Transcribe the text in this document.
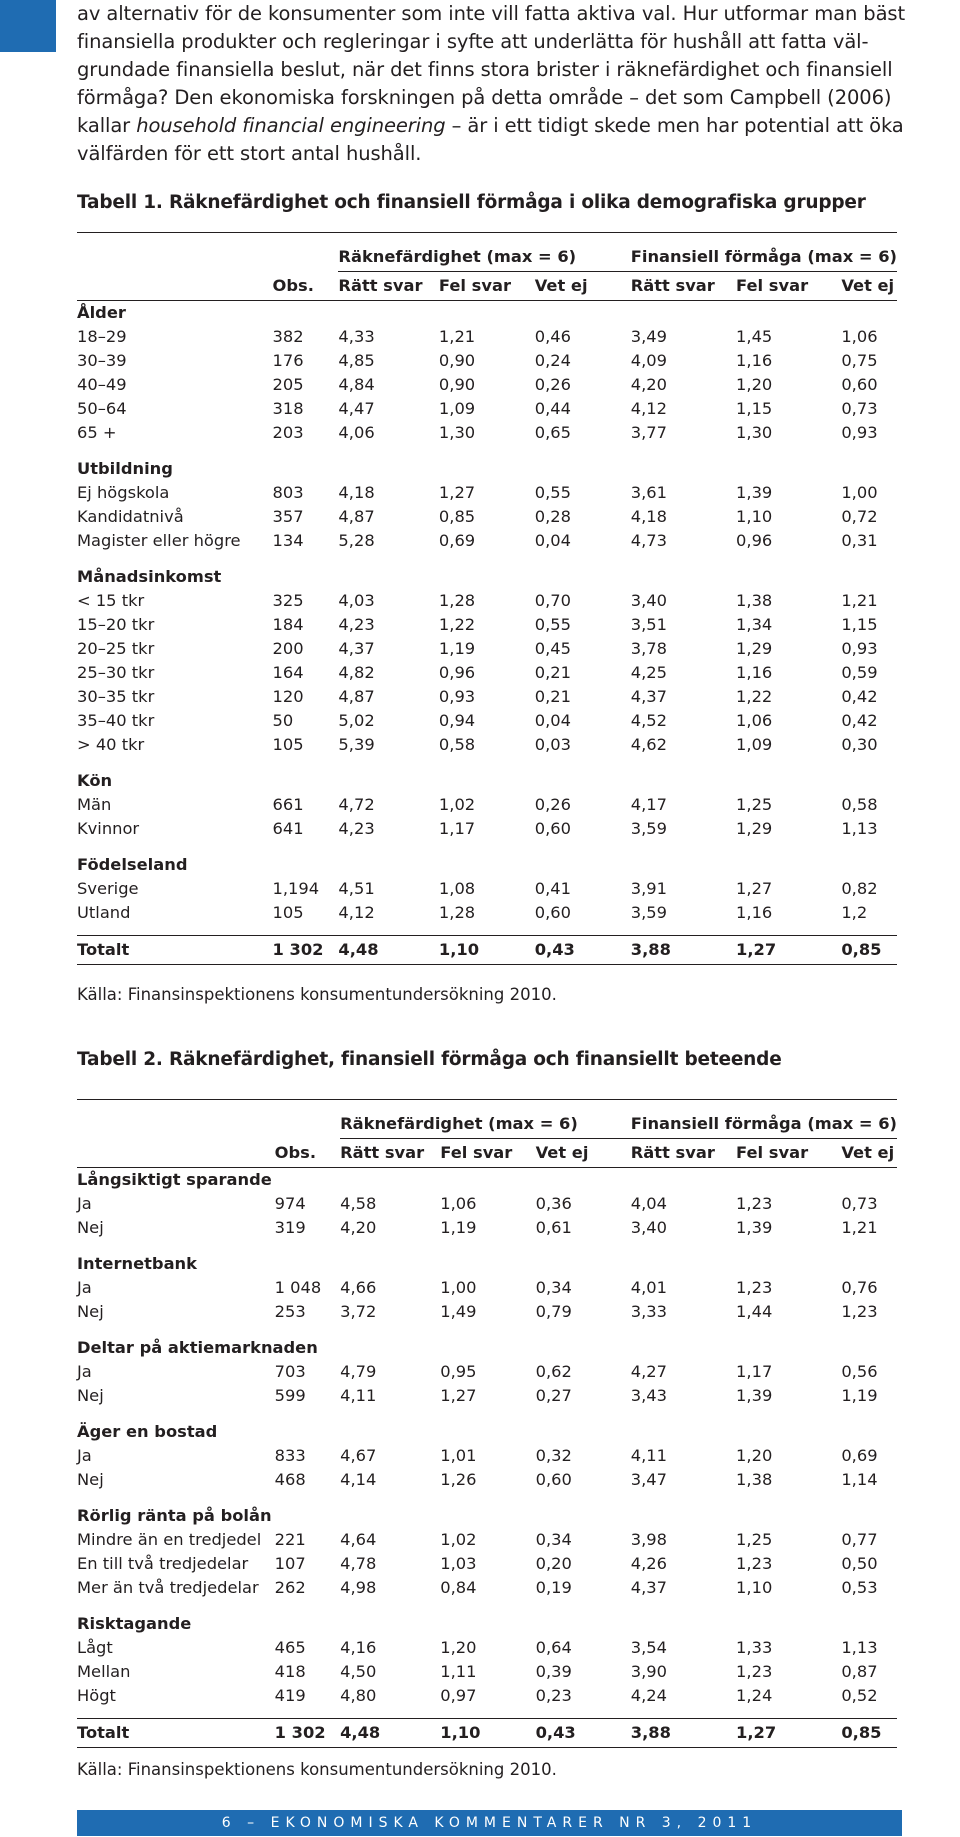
av alternativ för de konsumenter som inte vill fatta aktiva val. Hur utformar man bäst

finansiella produkter och regleringar i syfte att underlätta för hushåll att fatta väl-

grundade finansiella beslut, när det finns stora brister i räknefärdighet och finansiell

förmåga? Den ekonomiska forskningen på detta område – det som Campbell (2006)

kallar household financial engineering – är i ett tidigt skede men har potential att öka

välfärden för ett stort antal hushåll.

Tabell 1. Räknefärdighet och finansiell förmåga i olika demografiska grupper

		Räknefärdighet (max = 6)			Finansiell förmåga (max = 6)		
	Obs.	Rätt svar	Fel svar	Vet ej	Rätt svar	Fel svar	Vet ej
Ålder							
18–29	382	4,33	1,21	0,46	3,49	1,45	1,06
30–39	176	4,85	0,90	0,24	4,09	1,16	0,75
40–49	205	4,84	0,90	0,26	4,20	1,20	0,60
50–64	318	4,47	1,09	0,44	4,12	1,15	0,73
65 +	203	4,06	1,30	0,65	3,77	1,30	0,93

Utbildning							
Ej högskola	803	4,18	1,27	0,55	3,61	1,39	1,00
Kandidatnivå	357	4,87	0,85	0,28	4,18	1,10	0,72
Magister eller högre	134	5,28	0,69	0,04	4,73	0,96	0,31

Månadsinkomst							
< 15 tkr	325	4,03	1,28	0,70	3,40	1,38	1,21
15–20 tkr	184	4,23	1,22	0,55	3,51	1,34	1,15
20–25 tkr	200	4,37	1,19	0,45	3,78	1,29	0,93
25–30 tkr	164	4,82	0,96	0,21	4,25	1,16	0,59
30–35 tkr	120	4,87	0,93	0,21	4,37	1,22	0,42
35–40 tkr	50	5,02	0,94	0,04	4,52	1,06	0,42
> 40 tkr	105	5,39	0,58	0,03	4,62	1,09	0,30

Kön							
Män	661	4,72	1,02	0,26	4,17	1,25	0,58
Kvinnor	641	4,23	1,17	0,60	3,59	1,29	1,13

Födelseland							
Sverige	1,194	4,51	1,08	0,41	3,91	1,27	0,82
Utland	105	4,12	1,28	0,60	3,59	1,16	1,2

Totalt	1 302	4,48	1,10	0,43	3,88	1,27	0,85
Källa: Finansinspektionens konsumentundersökning 2010.
Tabell 2. Räknefärdighet, finansiell förmåga och finansiellt beteende

		Räknefärdighet (max = 6)			Finansiell förmåga (max = 6)		
	Obs.	Rätt svar	Fel svar	Vet ej	Rätt svar	Fel svar	Vet ej
Långsiktigt sparande							
Ja	974	4,58	1,06	0,36	4,04	1,23	0,73
Nej	319	4,20	1,19	0,61	3,40	1,39	1,21

Internetbank							
Ja	1 048	4,66	1,00	0,34	4,01	1,23	0,76
Nej	253	3,72	1,49	0,79	3,33	1,44	1,23

Deltar på aktiemarknaden							
Ja	703	4,79	0,95	0,62	4,27	1,17	0,56
Nej	599	4,11	1,27	0,27	3,43	1,39	1,19

Äger en bostad							
Ja	833	4,67	1,01	0,32	4,11	1,20	0,69
Nej	468	4,14	1,26	0,60	3,47	1,38	1,14

Rörlig ränta på bolån							
Mindre än en tredjedel	221	4,64	1,02	0,34	3,98	1,25	0,77
En till två tredjedelar	107	4,78	1,03	0,20	4,26	1,23	0,50
Mer än två tredjedelar	262	4,98	0,84	0,19	4,37	1,10	0,53

Risktagande							
Lågt	465	4,16	1,20	0,64	3,54	1,33	1,13
Mellan	418	4,50	1,11	0,39	3,90	1,23	0,87
Högt	419	4,80	0,97	0,23	4,24	1,24	0,52

Totalt	1 302	4,48	1,10	0,43	3,88	1,27	0,85
Källa: Finansinspektionens konsumentundersökning 2010.
6 – EKONOMISKA KOMMENTARER NR 3, 2011
